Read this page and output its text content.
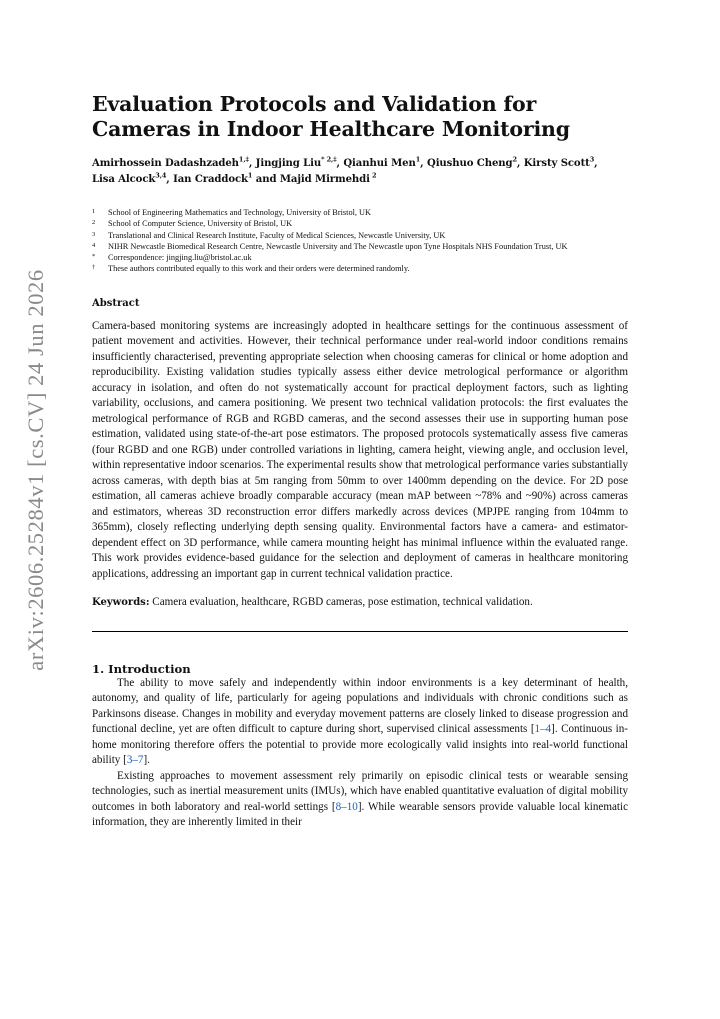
arXiv:2606.25284v1 [cs.CV] 24 Jun 2026
Evaluation Protocols and Validation for Cameras in Indoor Healthcare Monitoring
Amirhossein Dadashzadeh$^{1,\ddagger}$, Jingjing Liu$^{* 2,\ddagger}$, Qianhui Men$^1$, Qiushuo Cheng$^2$, Kirsty Scott$^3$,
Lisa Alcock$^{3,4}$, Ian Craddock$^1$ and Majid Mirmehdi $^2$
1	School of Engineering Mathematics and Technology, University of Bristol, UK
2	School of Computer Science, University of Bristol, UK
3	Translational and Clinical Research Institute, Faculty of Medical Sciences, Newcastle University, UK
4	NIHR Newcastle Biomedical Research Centre, Newcastle University and The Newcastle upon Tyne Hospitals NHS Foundation Trust, UK
*	Correspondence: jingjing.liu@bristol.ac.uk
†	These authors contributed equally to this work and their orders were determined randomly.
Abstract
Camera-based monitoring systems are increasingly adopted in healthcare settings for the continuous assessment of patient movement and activities. However, their technical performance under real-world indoor conditions remains insufficiently characterised, preventing appropriate selection when choosing cameras for clinical or home adoption and reproducibility. Existing validation studies typically assess either device metrological performance or algorithm accuracy in isolation, and often do not systematically account for practical deployment factors, such as lighting variability, occlusions, and camera positioning. We present two technical validation protocols: the first evaluates the metrological performance of RGB and RGBD cameras, and the second assesses their use in supporting human pose estimation, validated using state-of-the-art pose estimators. The proposed protocols systematically assess five cameras (four RGBD and one RGB) under controlled variations in lighting, camera height, viewing angle, and occlusion level, within representative indoor scenarios. The experimental results show that metrological performance varies substantially across cameras, with depth bias at 5m ranging from 50mm to over 1400mm depending on the device. For 2D pose estimation, all cameras achieve broadly comparable accuracy (mean mAP between ~78% and ~90%) across cameras and estimators, whereas 3D reconstruction error differs markedly across devices (MPJPE ranging from 104mm to 365mm), closely reflecting underlying depth sensing quality. Environmental factors have a camera- and estimator-dependent effect on 3D performance, while camera mounting height has minimal influence within the evaluated range. This work provides evidence-based guidance for the selection and deployment of cameras in healthcare monitoring applications, addressing an important gap in current technical validation practice.
Keywords: Camera evaluation, healthcare, RGBD cameras, pose estimation, technical validation.
1. Introduction

The ability to move safely and independently within indoor environments is a key determinant of health, autonomy, and quality of life, particularly for ageing populations and individuals with chronic conditions such as Parkinsons disease. Changes in mobility and everyday movement patterns are closely linked to disease progression and functional decline, yet are often difficult to capture during short, supervised clinical assessments [1–4]. Continuous in-home monitoring therefore offers the potential to provide more ecologically valid insights into real-world functional ability [3–7].

Existing approaches to movement assessment rely primarily on episodic clinical tests or wearable sensing technologies, such as inertial measurement units (IMUs), which have enabled quantitative evaluation of digital mobility outcomes in both laboratory and real-world settings [8–10]. While wearable sensors provide valuable local kinematic information, they are inherently limited in their
